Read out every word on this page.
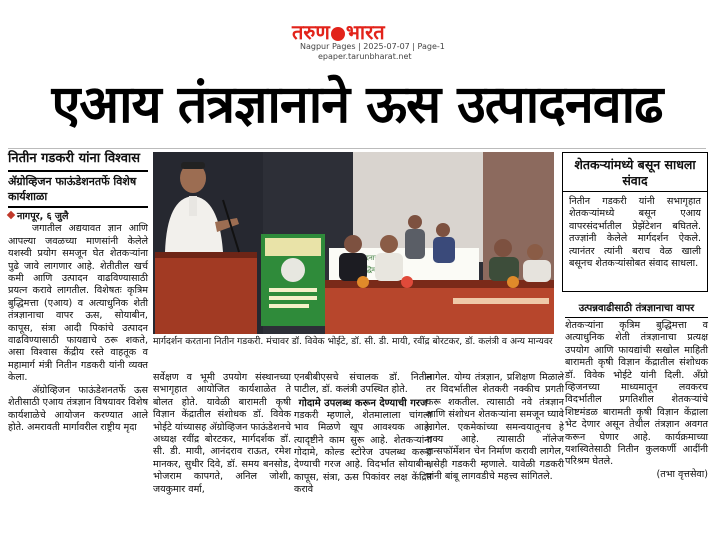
तरुण भारत
Nagpur Pages | 2025-07-07 | Page-1
epaper.tarunbharat.net
एआय तंत्रज्ञानाने ऊस उत्पादनवाढ
नितीन गडकरी यांना विश्वास
ॲग्रोव्हिजन फाऊंडेशनतर्फे विशेष कार्यशाळा
नागपूर, ६ जुलै
जगातील अद्ययावत ज्ञान आणि आपल्या जवळच्या माणसांनी केलेले यशस्वी प्रयोग समजून घेत शेतकऱ्यांना पुढे जावे लागणार आहे. शेतीतील खर्च कमी आणि उत्पादन वाढविण्यासाठी प्रयत्न करावे लागतील. विशेषतः कृत्रिम बुद्धिमत्ता (एआय) व अत्याधुनिक शेती तंत्रज्ञानाचा वापर ऊस, सोयाबीन, कापूस, संत्रा आदी पिकांचे उत्पादन वाढविण्यासाठी फायद्याचे ठरू शकते, असा विश्वास केंद्रीय रस्ते वाहतूक व महामार्ग मंत्री नितीन गडकरी यांनी व्यक्त केला.
ॲग्रोव्हिजन फाऊंडेशनतर्फे ऊस शेतीसाठी एआय तंत्रज्ञान विषयावर विशेष कार्यशाळेचे आयोजन करण्यात आले होते. अमरावती मार्गावरील राष्ट्रीय मृदा
उत्पादनाच्या
बुद्धिमत्ता
मार्गदर्शन करताना नितीन गडकरी. मंचावर डॉ. विवेक भोईटे, डॉ. सी. डी. मायी, रवींद्र बोरटकर, डॉ. कलंत्री व अन्य मान्यवर
सर्वेक्षण व भूमी उपयोग संस्थानच्या सभागृहात आयोजित कार्यशाळेत ते बोलत होते. यावेळी बारामती कृषी विज्ञान केंद्रातील संशोधक डॉ. विवेक भोईटे यांच्यासह ॲग्रोव्हिजन फाऊंडेशनचे अध्यक्ष रवींद्र बोरटकर, मार्गदर्शक डॉ. सी. डी. मायी, आनंदराव राऊत, रमेश मानकर, सुधीर दिवे, डॉ. समय बनसोड, भोजराम कापगते, अनिल जोशी, जयकुमार वर्मा,
एनबीबीएसचे संचालक डॉ. नितीन पाटील, डॉ. कलंत्री उपस्थित होते.
गोदामे उपलब्ध करून देण्याची गरज
गडकरी म्हणाले, शेतमालाला चांगला भाव मिळणे खूप आवश्यक आहे. त्यादृष्टीने काम सुरू आहे. शेतकऱ्यांना गोदामे, कोल्ड स्टोरेज उपलब्ध करून देण्याची गरज आहे. विदर्भात सोयाबीन, कापूस, संत्रा, ऊस पिकांवर लक्ष केंद्रित करावे
लागेल. योग्य तंत्रज्ञान, प्रशिक्षण मिळाले तर विदर्भातील शेतकरी नक्कीच प्रगती करू शकतील. त्यासाठी नवे तंत्रज्ञान आणि संशोधन शेतकऱ्यांना समजून घ्यावे लागेल. एकमेकांच्या समन्वयातूनच हे शक्य आहे. त्यासाठी नॉलेज ट्रान्सफॉर्मेशन चेन निर्माण करावी लागेल, असेही गडकरी म्हणाले. यावेळी गडकरी यांनी बांबू लागवडीचे महत्त्व सांगितले.
शेतकऱ्यांमध्ये बसून साधला संवाद
नितीन गडकरी यांनी सभागृहात शेतकऱ्यांमध्ये बसून एआय वापरसंदर्भातील प्रेझेंटेशन बघितले. तज्ज्ञांनी केलेले मार्गदर्शन ऐकले. त्यानंतर त्यांनी बराच वेळ खाली बसूनच शेतकऱ्यांसोबत संवाद साधला.
उत्पन्नवाढीसाठी तंत्रज्ञानाचा वापर
शेतकऱ्यांना कृत्रिम बुद्धिमत्ता व अत्याधुनिक शेती तंत्रज्ञानाचा प्रत्यक्ष उपयोग आणि फायद्यांची सखोल माहिती बारामती कृषी विज्ञान केंद्रातील संशोधक डॉ. विवेक भोईटे यांनी दिली. अँग्रो व्हिजनच्या माध्यमातून लवकरच विदर्भातील प्रगतिशील शेतकऱ्यांचे शिष्टमंडळ बारामती कृषी विज्ञान केंद्राला भेट देणार असून तेथील तंत्रज्ञान अवगत करून घेणार आहे. कार्यक्रमाच्या यशस्वितेसाठी नितीन कुलकर्णी आदींनी परिश्रम घेतले.
(तभा वृत्तसेवा)
